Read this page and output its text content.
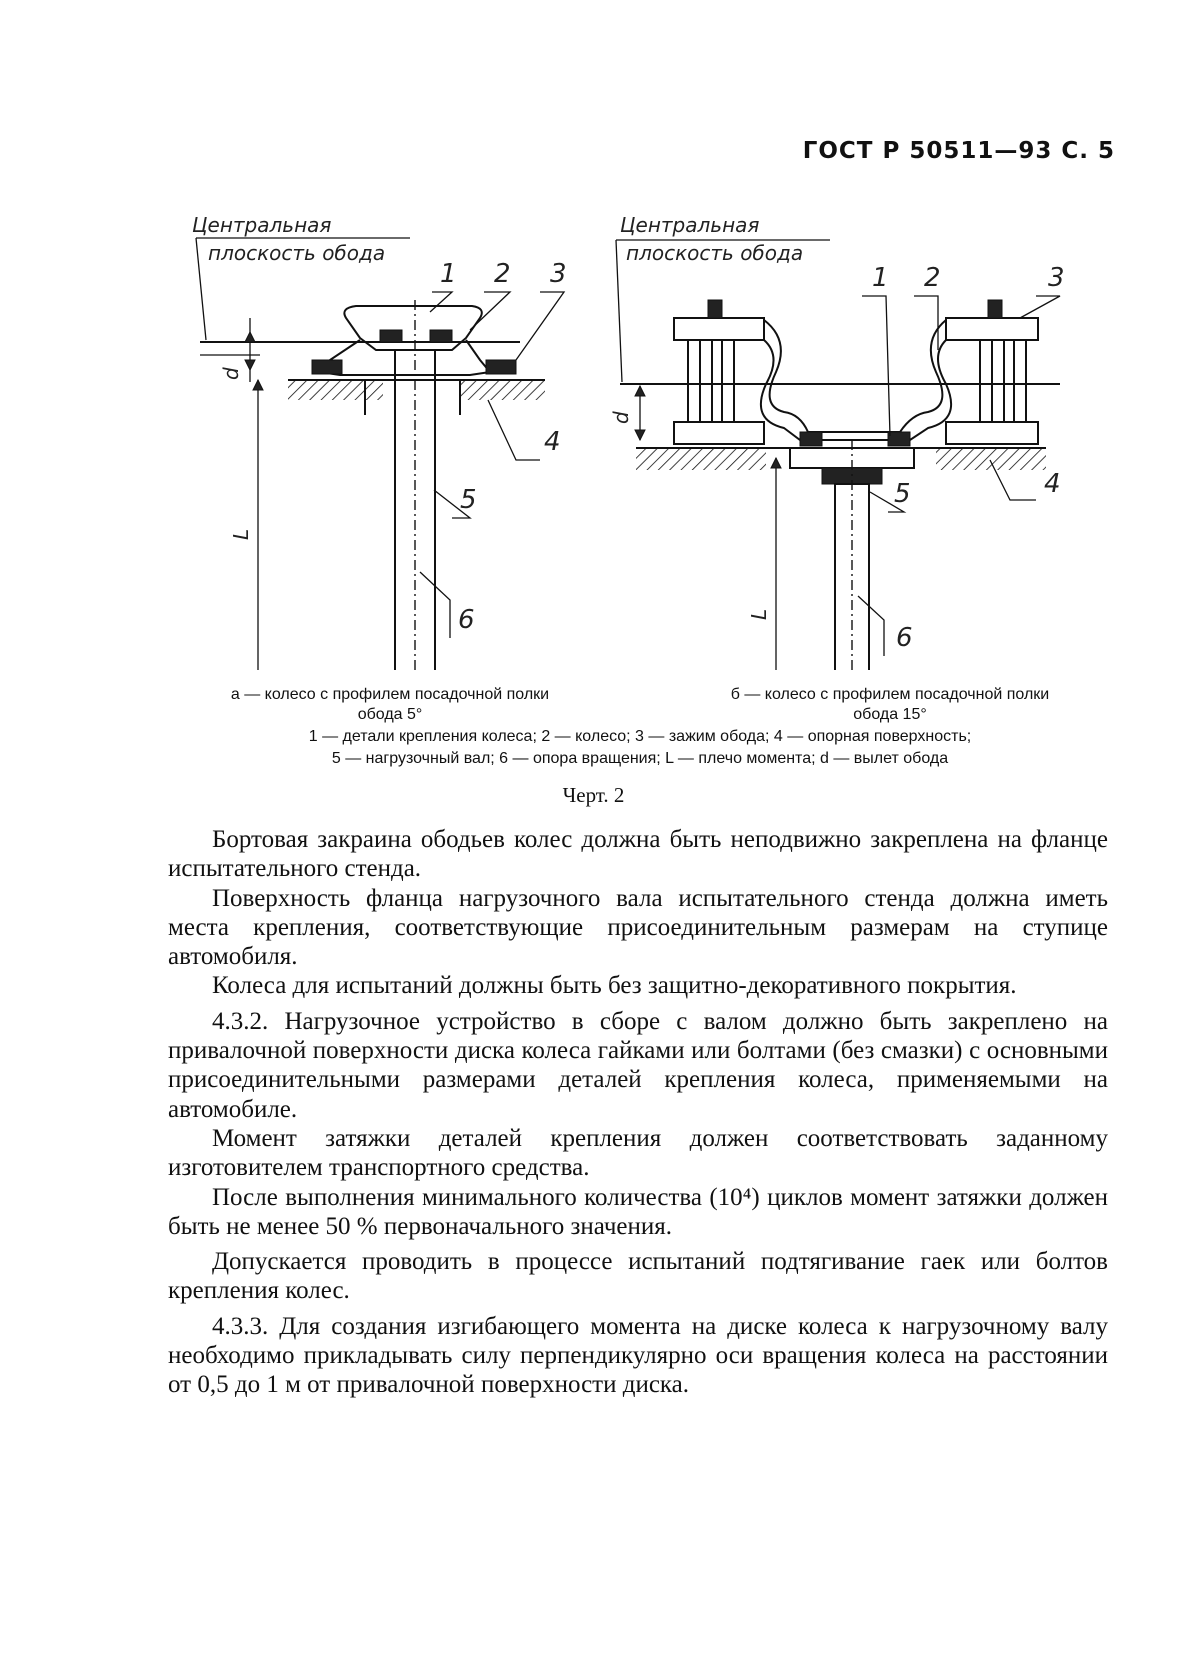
ГОСТ Р 50511—93 С. 5
Центральная
плоскость обода
d
L
1 2 3
4
5
6
Центральная
плоскость обода
d
L
1 2	3
4
5
6
а — колесо с профилем посадочной полки
обода 5°
б — колесо с профилем посадочной полки
обода 15°
1 — детали крепления колеса; 2 — колесо; 3 — зажим обода; 4 — опорная поверхность;
5 — нагрузочный вал; 6 — опора вращения; L — плечо момента; d — вылет обода
Черт. 2

Бортовая закраина ободьев колес должна быть неподвижно закреплена на фланце испытательного стенда.

Поверхность фланца нагрузочного вала испытательного стенда должна иметь места крепления, соответствующие присоединительным размерам на ступице автомобиля.

Колеса для испытаний должны быть без защитно-декоративного покрытия.

4.3.2. Нагрузочное устройство в сборе с валом должно быть закреплено на привалочной поверхности диска колеса гайками или болтами (без смазки) с основными присоединительными размерами деталей крепления колеса, применяемыми на автомобиле.

Момент затяжки деталей крепления должен соответствовать заданному изготовителем транспортного средства.

После выполнения минимального количества (10⁴) циклов момент затяжки должен быть не менее 50 % первоначального значения.

Допускается проводить в процессе испытаний подтягивание гаек или болтов крепления колес.

4.3.3. Для создания изгибающего момента на диске колеса к нагрузочному валу необходимо прикладывать силу перпендикулярно оси вращения колеса на расстоянии от 0,5 до 1 м от привалочной поверхности диска.
